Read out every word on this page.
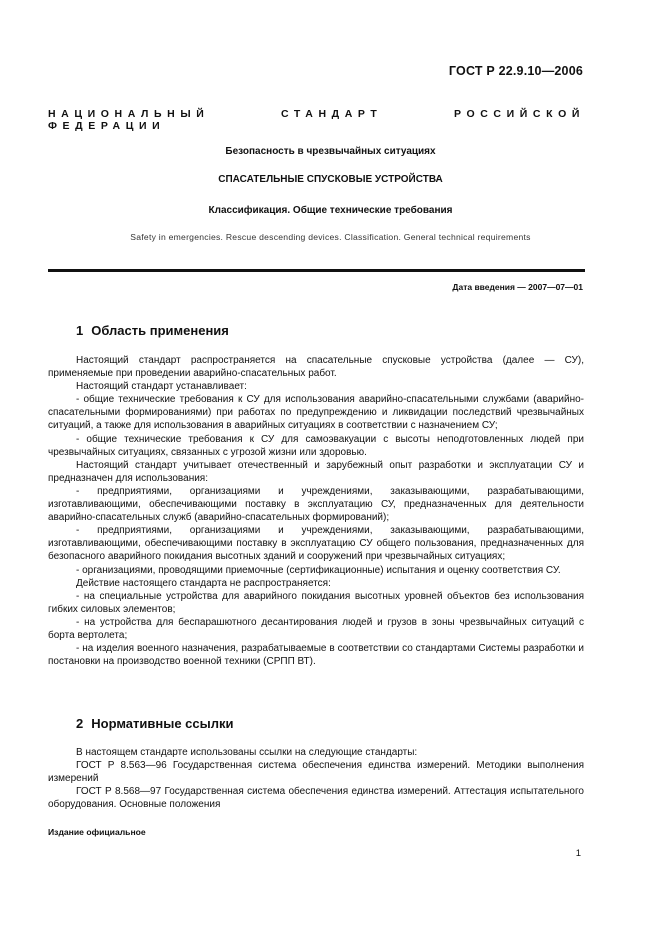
ГОСТ Р 22.9.10—2006
НАЦИОНАЛЬНЫЙ СТАНДАРТ РОССИЙСКОЙ ФЕДЕРАЦИИ
Безопасность в чрезвычайных ситуациях
СПАСАТЕЛЬНЫЕ СПУСКОВЫЕ УСТРОЙСТВА
Классификация. Общие технические требования
Safety in emergencies. Rescue descending devices. Classification. General technical requirements
Дата введения — 2007—07—01
1 Область применения

Настоящий стандарт распространяется на спасательные спусковые устройства (далее — СУ), применяемые при проведении аварийно-спасательных работ.

Настоящий стандарт устанавливает:

- общие технические требования к СУ для использования аварийно-спасательными службами (аварийно-спасательными формированиями) при работах по предупреждению и ликвидации последствий чрезвычайных ситуаций, а также для использования в аварийных ситуациях в соответствии с назначением СУ;

- общие технические требования к СУ для самоэвакуации с высоты неподготовленных людей при чрезвычайных ситуациях, связанных с угрозой жизни или здоровью.

Настоящий стандарт учитывает отечественный и зарубежный опыт разработки и эксплуатации СУ и предназначен для использования:

- предприятиями, организациями и учреждениями, заказывающими, разрабатывающими, изготавливающими, обеспечивающими поставку в эксплуатацию СУ, предназначенных для деятельности аварийно-спасательных служб (аварийно-спасательных формирований);

- предприятиями, организациями и учреждениями, заказывающими, разрабатывающими, изготавливающими, обеспечивающими поставку в эксплуатацию СУ общего пользования, предназначенных для безопасного аварийного покидания высотных зданий и сооружений при чрезвычайных ситуациях;

- организациями, проводящими приемочные (сертификационные) испытания и оценку соответствия СУ.

Действие настоящего стандарта не распространяется:

- на специальные устройства для аварийного покидания высотных уровней объектов без использования гибких силовых элементов;

- на устройства для беспарашютного десантирования людей и грузов в зоны чрезвычайных ситуаций с борта вертолета;

- на изделия военного назначения, разрабатываемые в соответствии со стандартами Системы разработки и постановки на производство военной техники (СРПП ВТ).

2 Нормативные ссылки

В настоящем стандарте использованы ссылки на следующие стандарты:

ГОСТ Р 8.563—96 Государственная система обеспечения единства измерений. Методики выполнения измерений

ГОСТ Р 8.568—97 Государственная система обеспечения единства измерений. Аттестация испытательного оборудования. Основные положения

Издание официальное
1
